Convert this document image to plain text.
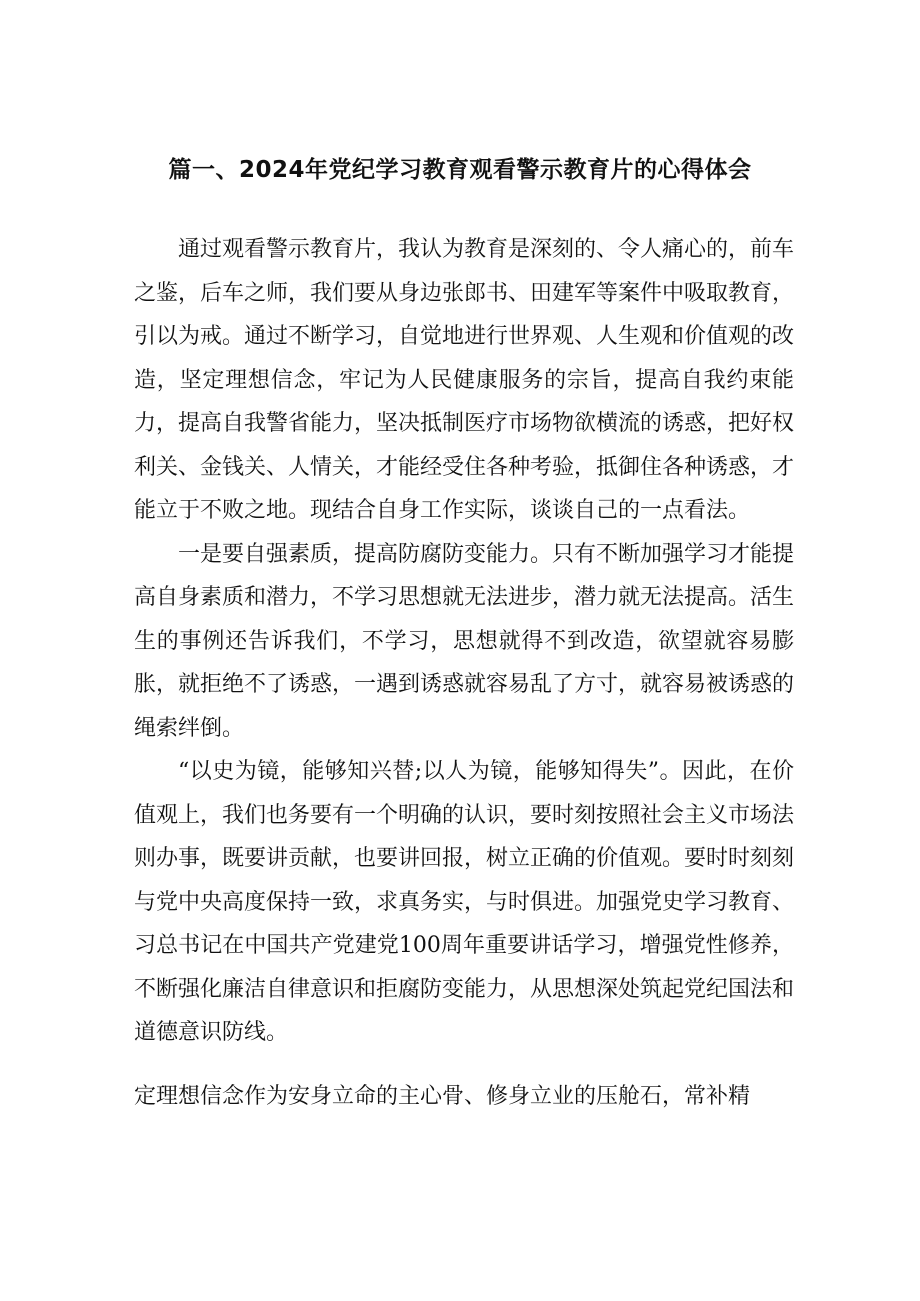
篇一、2024年党纪学习教育观看警示教育片的心得体会

通过观看警示教育片，我认为教育是深刻的、令人痛心的，前车之鉴，后车之师，我们要从身边张郎书、田建军等案件中吸取教育，引以为戒。通过不断学习，自觉地进行世界观、人生观和价值观的改造，坚定理想信念，牢记为人民健康服务的宗旨，提高自我约束能力，提高自我警省能力，坚决抵制医疗市场物欲横流的诱惑，把好权利关、金钱关、人情关，才能经受住各种考验，抵御住各种诱惑，才能立于不败之地。现结合自身工作实际，谈谈自己的一点看法。

一是要自强素质，提高防腐防变能力。只有不断加强学习才能提高自身素质和潜力，不学习思想就无法进步，潜力就无法提高。活生生的事例还告诉我们，不学习，思想就得不到改造，欲望就容易膨胀，就拒绝不了诱惑，一遇到诱惑就容易乱了方寸，就容易被诱惑的绳索绊倒。

“以史为镜，能够知兴替;以人为镜，能够知得失”。因此，在价值观上，我们也务要有一个明确的认识，要时刻按照社会主义市场法则办事，既要讲贡献，也要讲回报，树立正确的价值观。要时时刻刻与党中央高度保持一致，求真务实，与时俱进。加强党史学习教育、习总书记在中国共产党建党100周年重要讲话学习，增强党性修养，不断强化廉洁自律意识和拒腐防变能力，从思想深处筑起党纪国法和道德意识防线。

定理想信念作为安身立命的主心骨、修身立业的压舱石，常补精
